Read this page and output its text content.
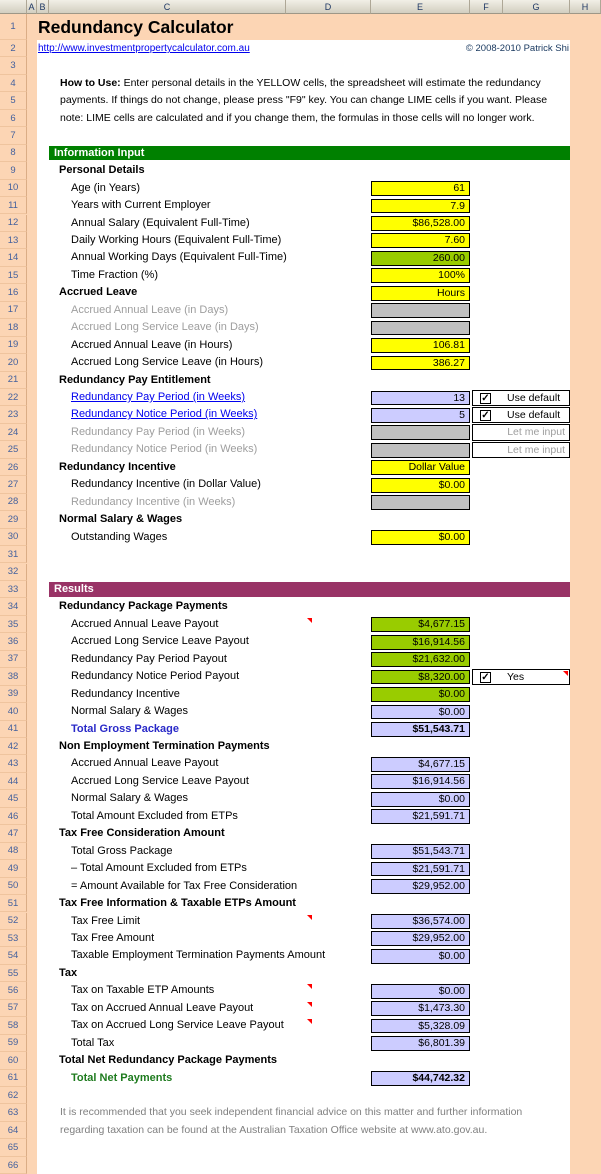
A B	C	D	E	F	G	H
1
2
3
4
5
6
7
8
9
10
11
12
13
14
15
16
17
18
19
20
21
22
23
24
25
26
27
28
29
30
31
32
33
34
35
36
37
38
39
40
41
42
43
44
45
46
47
48
49
50
51
52
53
54
55
56
57
58
59
60
61
62
63
64
65
66
Redundancy Calculator
http://www.investmentpropertycalculator.com.au	© 2008-2010 Patrick Shi
How to Use: Enter personal details in the YELLOW cells, the spreadsheet will estimate the redundancy
payments. If things do not change, please press "F9" key. You can change LIME cells if you want. Please
note: LIME cells are calculated and if you change them, the formulas in those cells will no longer work.
Information Input
Personal Details
Age (in Years)	61
Years with Current Employer	7.9
Annual Salary (Equivalent Full-Time)	$86,528.00
Daily Working Hours (Equivalent Full-Time)	7.60
Annual Working Days (Equivalent Full-Time)	260.00
Time Fraction (%)	100%
Accrued Leave	Hours
Accrued Annual Leave (in Days)
Accrued Long Service Leave (in Days)
Accrued Annual Leave (in Hours)	106.81
Accrued Long Service Leave (in Hours)	386.27
Redundancy Pay Entitlement
Redundancy Pay Period (in Weeks)	13	✓ Use default
Redundancy Notice Period (in Weeks)	5	✓ Use default
Redundancy Pay Period (in Weeks)	Let me input
Redundancy Notice Period (in Weeks)	Let me input
Redundancy Incentive	Dollar Value
Redundancy Incentive (in Dollar Value)	$0.00
Redundancy Incentive (in Weeks)
Normal Salary & Wages
Outstanding Wages	$0.00
Results
Redundancy Package Payments
Accrued Annual Leave Payout	$4,677.15
Accrued Long Service Leave Payout	$16,914.56
Redundancy Pay Period Payout	$21,632.00
Redundancy Notice Period Payout	$8,320.00	✓ Yes
Redundancy Incentive	$0.00
Normal Salary & Wages	$0.00
Total Gross Package	$51,543.71
Non Employment Termination Payments
Accrued Annual Leave Payout	$4,677.15
Accrued Long Service Leave Payout	$16,914.56
Normal Salary & Wages	$0.00
Total Amount Excluded from ETPs	$21,591.71
Tax Free Consideration Amount
Total Gross Package	$51,543.71
– Total Amount Excluded from ETPs	$21,591.71
= Amount Available for Tax Free Consideration	$29,952.00
Tax Free Information & Taxable ETPs Amount
Tax Free Limit	$36,574.00
Tax Free Amount	$29,952.00
Taxable Employment Termination Payments Amount	$0.00
Tax
Tax on Taxable ETP Amounts	$0.00
Tax on Accrued Annual Leave Payout	$1,473.30
Tax on Accrued Long Service Leave Payout	$5,328.09
Total Tax	$6,801.39
Total Net Redundancy Package Payments
Total Net Payments	$44,742.32
It is recommended that you seek independent financial advice on this matter and further information
regarding taxation can be found at the Australian Taxation Office website at www.ato.gov.au.
